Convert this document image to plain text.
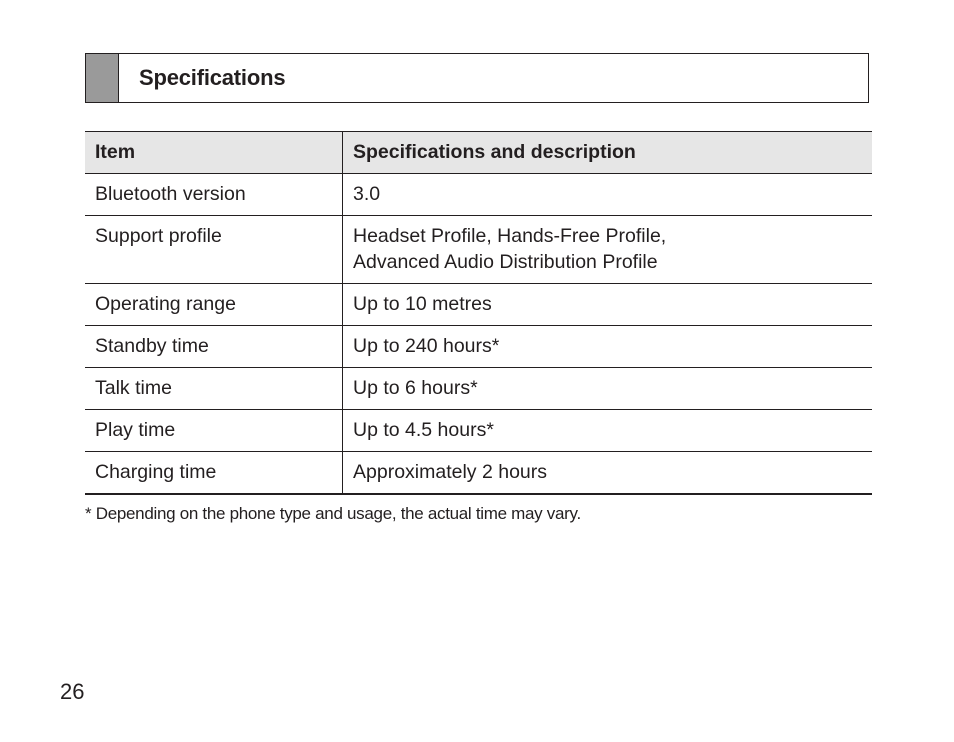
Specifications
Item	Specifications and description
Bluetooth version	3.0

Support profile	Headset Profile, Hands-Free Profile,
Advanced Audio Distribution Profile

Operating range	Up to 10 metres

Standby time	Up to 240 hours*

Talk time	Up to 6 hours*

Play time	Up to 4.5 hours*

Charging time	Approximately 2 hours
* Depending on the phone type and usage, the actual time may vary.
26
